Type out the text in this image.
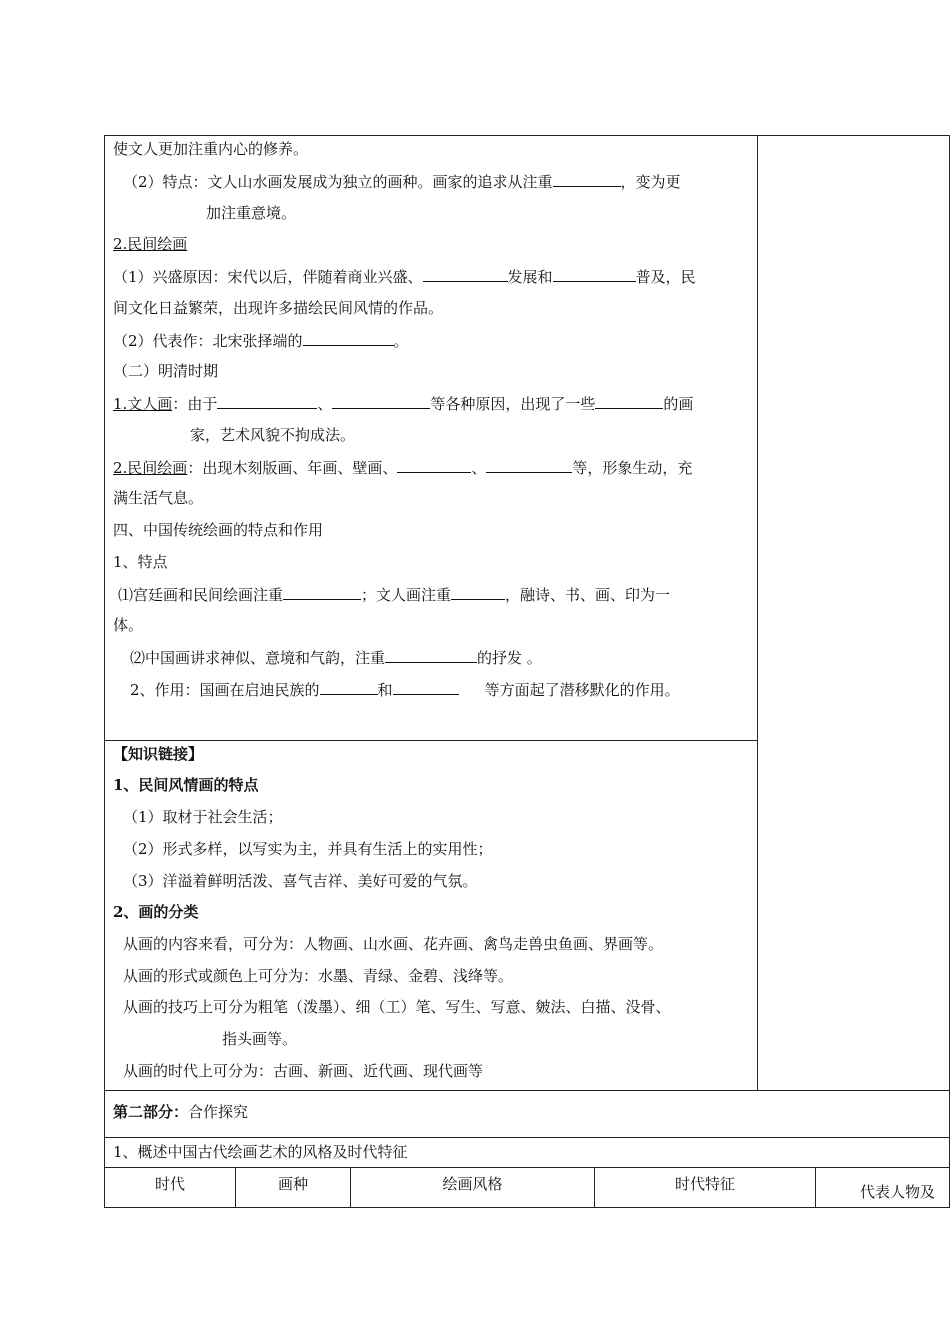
使文人更加注重内心的修养。
（2）特点：文人山水画发展成为独立的画种。画家的追求从注重	，变为更
加注重意境。
2.民间绘画
（1）兴盛原因：宋代以后，伴随着商业兴盛、	发展和	普及，民
间文化日益繁荣，出现许多描绘民间风情的作品。
（2）代表作：北宋张择端的	。
（二）明清时期
1.文人画：由于	、	等各种原因，出现了一些	的画
家，艺术风貌不拘成法。
2.民间绘画：出现木刻版画、年画、壁画、	、	等，形象生动，充
满生活气息。
四、中国传统绘画的特点和作用
1、特点
⑴宫廷画和民间绘画注重	；文人画注重	，融诗、书、画、印为一
体。
⑵中国画讲求神似、意境和气韵，注重	的抒发 。
2、作用：国画在启迪民族的	和	等方面起了潜移默化的作用。
【知识链接】
1、民间风情画的特点
（1）取材于社会生活；
（2）形式多样，以写实为主，并具有生活上的实用性；
（3）洋溢着鲜明活泼、喜气吉祥、美好可爱的气氛。
2、画的分类
从画的内容来看，可分为：人物画、山水画、花卉画、禽鸟走兽虫鱼画、界画等。
从画的形式或颜色上可分为：水墨、青绿、金碧、浅绛等。
从画的技巧上可分为粗笔（泼墨）、细（工）笔、写生、写意、皴法、白描、没骨、
指头画等。
从画的时代上可分为：古画、新画、近代画、现代画等
第二部分：合作探究
1、概述中国古代绘画艺术的风格及时代特征
时代	画种	绘画风格	时代特征	代表人物及
